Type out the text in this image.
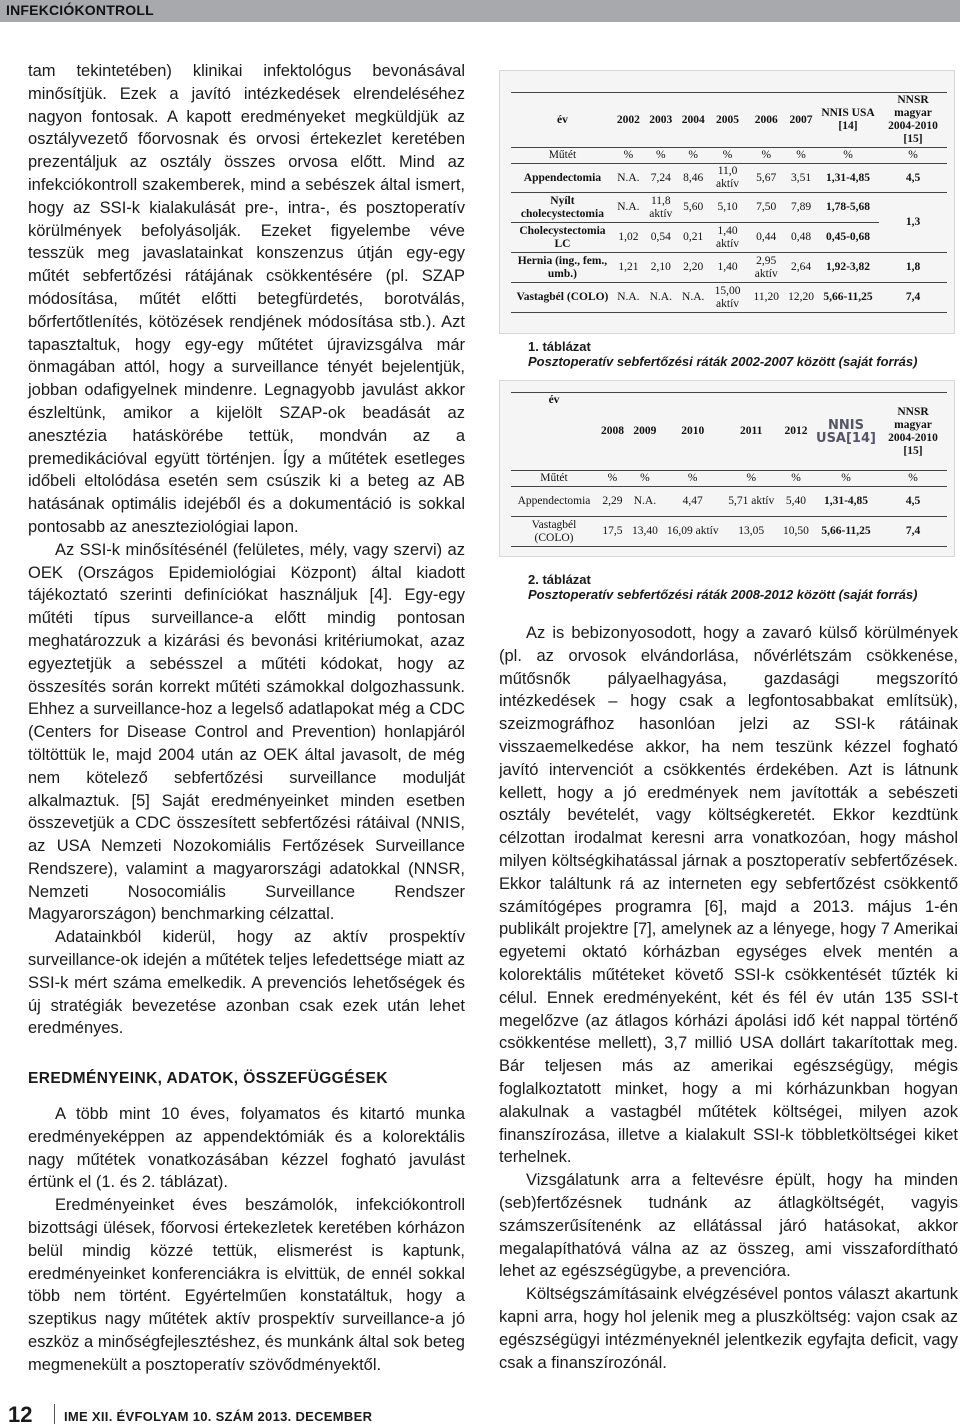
INFEKCIÓKONTROLL

tam tekintetében) klinikai infektológus bevonásával minősítjük. Ezek a javító intézkedések elrendeléséhez nagyon fontosak. A kapott eredményeket megküldjük az osztályvezető főorvosnak és orvosi értekezlet keretében prezentáljuk az osztály összes orvosa előtt. Mind az infekciókontroll szakemberek, mind a sebészek által ismert, hogy az SSI-k kialakulását pre-, intra-, és posztoperatív körülmények befolyásolják. Ezeket figyelembe véve tesszük meg javaslatainkat konszenzus útján egy-egy műtét sebfertőzési rátájának csökkentésére (pl. SZAP módosítása, műtét előtti betegfürdetés, borotválás, bőrfertőtlenítés, kötözések rendjének módosítása stb.). Azt tapasztaltuk, hogy egy-egy műtétet újravizsgálva már önmagában attól, hogy a surveillance tényét bejelentjük, jobban odafigyelnek mindenre. Legnagyobb javulást akkor észleltünk, amikor a kijelölt SZAP-ok beadását az anesztézia hatáskörébe tettük, mondván az a premedikációval együtt történjen. Így a műtétek esetleges időbeli eltolódása esetén sem csúszik ki a beteg az AB hatásának optimális idejéből és a dokumentáció is sokkal pontosabb az aneszteziológiai lapon.

Az SSI-k minősítésénél (felületes, mély, vagy szervi) az OEK (Országos Epidemiológiai Központ) által kiadott tájékoztató szerinti definíciókat használjuk [4]. Egy-egy műtéti típus surveillance-a előtt mindig pontosan meghatározzuk a kizárási és bevonási kritériumokat, azaz egyeztetjük a sebésszel a műtéti kódokat, hogy az összesítés során korrekt műtéti számokkal dolgozhassunk. Ehhez a surveillance-hoz a legelső adatlapokat még a CDC (Centers for Disease Control and Prevention) honlapjáról töltöttük le, majd 2004 után az OEK által javasolt, de még nem kötelező sebfertőzési surveillance modulját alkalmaztuk. [5] Saját eredményeinket minden esetben összevetjük a CDC összesített sebfertőzési rátáival (NNIS, az USA Nemzeti Nozokomiális Fertőzések Surveillance Rendszere), valamint a magyarországi adatokkal (NNSR, Nemzeti Nosocomiális Surveillance Rendszer Magyarországon) benchmarking célzattal.

Adatainkból kiderül, hogy az aktív prospektív surveillance-ok idején a műtétek teljes lefedettsége miatt az SSI-k mért száma emelkedik. A prevenciós lehetőségek és új stratégiák bevezetése azonban csak ezek után lehet eredményes.

EREDMÉNYEINK, ADATOK, ÖSSZEFÜGGÉSEK

A több mint 10 éves, folyamatos és kitartó munka eredményeképpen az appendektómiák és a kolorektális nagy műtétek vonatkozásában kézzel fogható javulást értünk el (1. és 2. táblázat).

Eredményeinket éves beszámolók, infekciókontroll bizottsági ülések, főorvosi értekezletek keretében kórházon belül mindig közzé tettük, elismerést is kaptunk, eredményeinket konferenciákra is elvittük, de ennél sokkal több nem történt. Egyértelműen konstatáltuk, hogy a szeptikus nagy műtétek aktív prospektív surveillance-a jó eszköz a minőségfejlesztéshez, és munkánk által sok beteg megmenekült a posztoperatív szövődményektől.

év	2002	2003	2004	2005	2006	2007	NNIS USA [14]	NNSR magyar 2004-2010 [15]
Műtét	%	%	%	%	%	%	%	%
Appendectomia	N.A.	7,24	8,46	11,0 aktív	5,67	3,51	1,31-4,85	4,5
Nyílt cholecystectomia	N.A.	11,8 aktív	5,60	5,10	7,50	7,89	1,78-5,68	1,3
Cholecystectomia LC	1,02	0,54	0,21	1,40 aktív	0,44	0,48	0,45-0,68	
Hernia (ing., fem., umb.)	1,21	2,10	2,20	1,40	2,95 aktív	2,64	1,92-3,82	1,8
Vastagbél (COLO)	N.A.	N.A.	N.A.	15,00 aktív	11,20	12,20	5,66-11,25	7,4
1. táblázat
Posztoperatív sebfertőzési ráták 2002-2007 között (saját forrás)
év	2008	2009	2010	2011	2012	NNIS USA[14]	NNSR magyar 2004-2010 [15]
Műtét	%	%	%	%	%	%	%
Appendectomia	2,29	N.A.	4,47	5,71 aktív	5,40	1,31-4,85	4,5
Vastagbél (COLO)	17,5	13,40	16,09 aktív	13,05	10,50	5,66-11,25	7,4
2. táblázat
Posztoperatív sebfertőzési ráták 2008-2012 között (saját forrás)

Az is bebizonyosodott, hogy a zavaró külső körülmények (pl. az orvosok elvándorlása, nővérlétszám csökkenése, műtősnők pályaelhagyása, gazdasági megszorító intézkedések – hogy csak a legfontosabbakat említsük), szeizmográfhoz hasonlóan jelzi az SSI-k rátáinak visszaemelkedése akkor, ha nem teszünk kézzel fogható javító intervenciót a csökkentés érdekében. Azt is látnunk kellett, hogy a jó eredmények nem javították a sebészeti osztály bevételét, vagy költségkeretét. Ekkor kezdtünk célzottan irodalmat keresni arra vonatkozóan, hogy máshol milyen költségkihatással járnak a posztoperatív sebfertőzések. Ekkor találtunk rá az interneten egy sebfertőzést csökkentő számítógépes programra [6], majd a 2013. május 1-én publikált projektre [7], amelynek az a lényege, hogy 7 Amerikai egyetemi oktató kórházban egységes elvek mentén a kolorektális műtéteket követő SSI-k csökkentését tűzték ki célul. Ennek eredményeként, két és fél év után 135 SSI-t megelőzve (az átlagos kórházi ápolási idő két nappal történő csökkentése mellett), 3,7 millió USA dollárt takarítottak meg. Bár teljesen más az amerikai egészségügy, mégis foglalkoztatott minket, hogy a mi kórházunkban hogyan alakulnak a vastagbél műtétek költségei, milyen azok finanszírozása, illetve a kialakult SSI-k többletköltségei kiket terhelnek.

Vizsgálatunk arra a feltevésre épült, hogy ha minden (seb)fertőzésnek tudnánk az átlagköltségét, vagyis számszerűsítenénk az ellátással járó hatásokat, akkor megalapíthatóvá válna az az összeg, ami visszafordítható lehet az egészségügybe, a prevencióra.

Költségszámításaink elvégzésével pontos választ akartunk kapni arra, hogy hol jelenik meg a pluszköltség: vajon csak az egészségügyi intézményeknél jelentkezik egyfajta deficit, vagy csak a finanszírozónál.

12 IME XII. ÉVFOLYAM 10. SZÁM 2013. DECEMBER
